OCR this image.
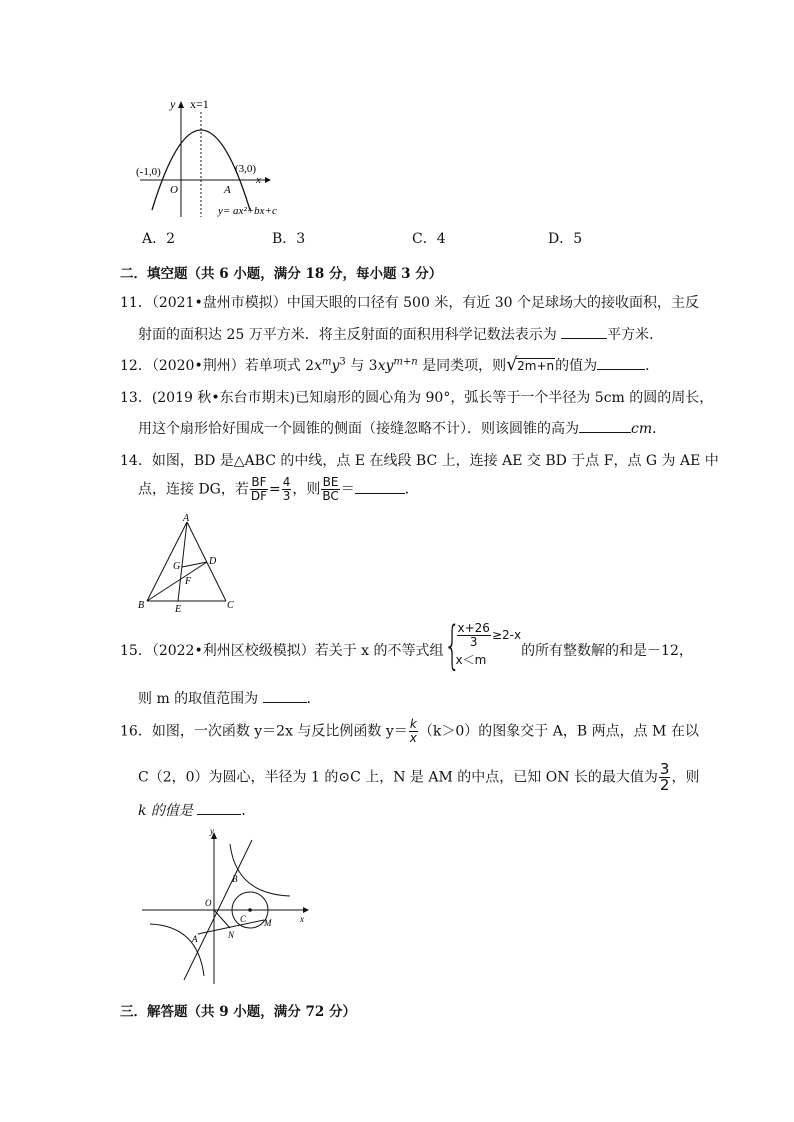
y x=1
(-1,0)	(3,0)
O	A
x
y= ax²+bx+c
A．2	B．3	C．4	D．5
二．填空题（共 6 小题，满分 18 分，每小题 3 分）
11．（2021•盘州市模拟）中国天眼的口径有 500 米，有近 30 个足球场大的接收面积，主反
射面的面积达 25 万平方米．将主反射面的面积用科学记数法表示为	平方米．
12．（2020•荆州）若单项式 $2x^my^3$ 与 $3xy^{m+n}$ 是同类项，则 √ 2m+n的值为	．
13．(2019 秋•东台市期末)已知扇形的圆心角为 90°，弧长等于一个半径为 5cm 的圆的周长，
用这个扇形恰好围成一个圆锥的侧面（接缝忽略不计）．则该圆锥的高为	cm．
14．如图，BD 是△ABC 的中线，点 E 在线段 BC 上，连接 AE 交 BD 于点 F，点 G 为 AE 中
点，连接 DG，若 $\frac{BF}{DF} = \frac{4}{3}$ ，则 $\frac{BE}{BC}$ ＝	．
A
B	C
D
E
F
G
15．（2022•利州区校级模拟）若关于 x 的不等式组 {
$\frac{x+26}{3} \ge 2-x$
x＜m
的所有整数解的和是－12，
则 m 的取值范围为	．
16．如图，一次函数 y＝2x 与反比例函数 $y= \frac{k}{x} (k>0)$的图象交于 A，B 两点，点 M 在以
C（2，0）为圆心，半径为 1 的⊙C 上，N 是 AM 的中点，已知 ON 长的最大值为 $\frac{3}{2}$ ，则
k 的值是	．
y
x
O
B
C M
N
A
三．解答题（共 9 小题，满分 72 分）
